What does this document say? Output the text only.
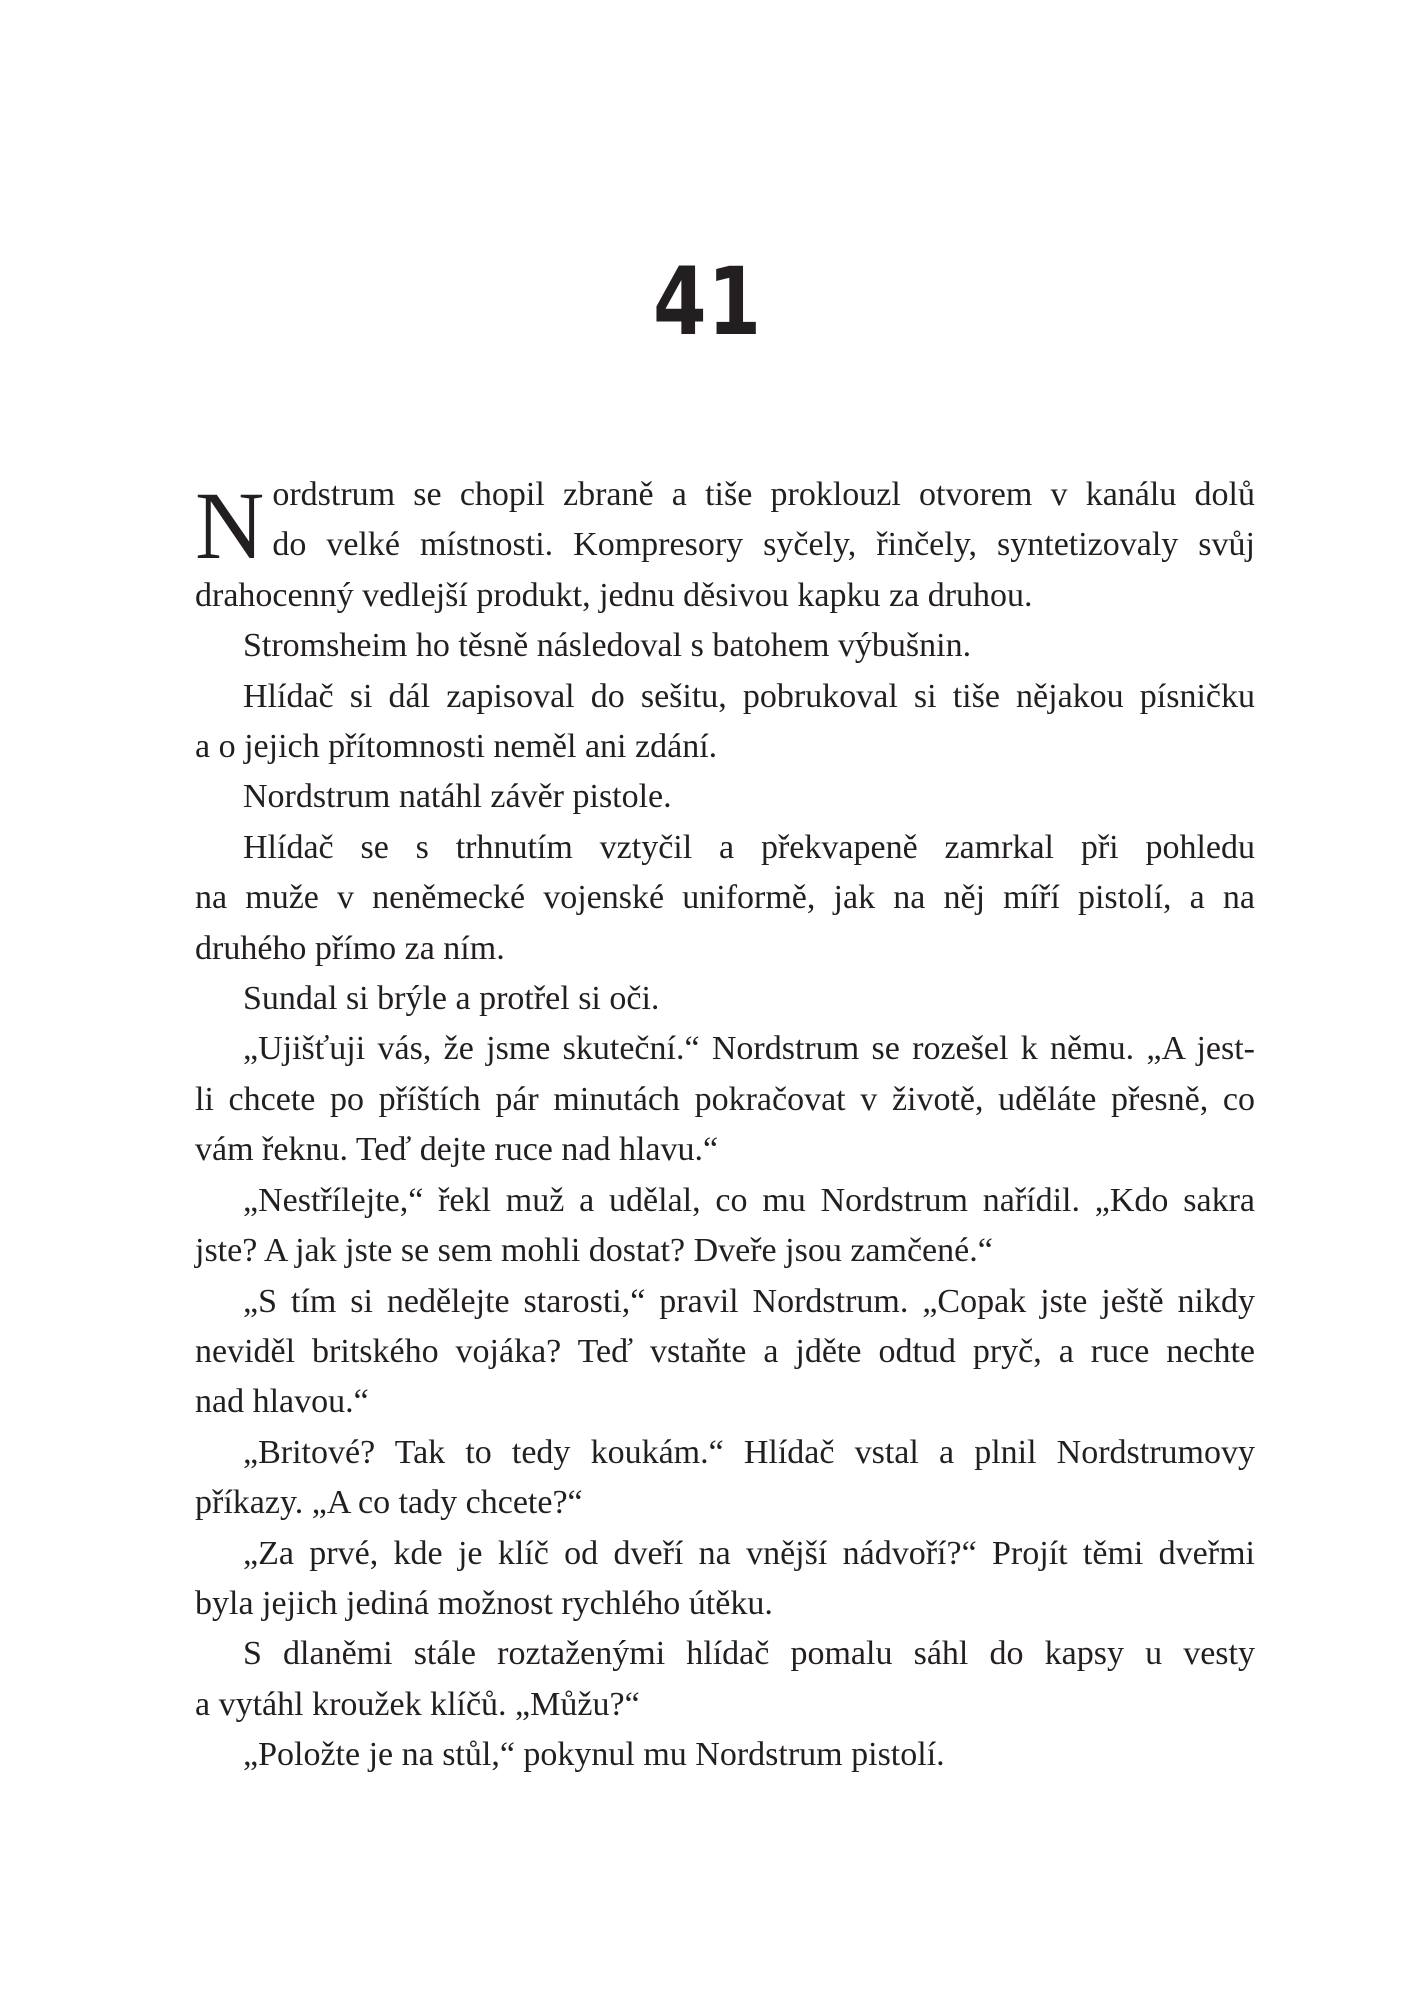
41

N ordstrum se chopil zbraně a tiše proklouzl otvorem v kanálu dolů
do velké místnosti. Kompresory syčely, řinčely, syntetizovaly svůj
drahocenný vedlejší produkt, jednu děsivou kapku za druhou.

Stromsheim ho těsně následoval s batohem výbušnin.

Hlídač si dál zapisoval do sešitu, pobrukoval si tiše nějakou písničku
a o jejich přítomnosti neměl ani zdání.

Nordstrum natáhl závěr pistole.

Hlídač se s trhnutím vztyčil a překvapeně zamrkal při pohledu
na muže v neněmecké vojenské uniformě, jak na něj míří pistolí, a na
druhého přímo za ním.

Sundal si brýle a protřel si oči.

„Ujišťuji vás, že jsme skuteční.“ Nordstrum se rozešel k němu. „A jest-
li chcete po příštích pár minutách pokračovat v životě, uděláte přesně, co
vám řeknu. Teď dejte ruce nad hlavu.“

„Nestřílejte,“ řekl muž a udělal, co mu Nordstrum nařídil. „Kdo sakra
jste? A jak jste se sem mohli dostat? Dveře jsou zamčené.“

„S tím si nedělejte starosti,“ pravil Nordstrum. „Copak jste ještě nikdy
neviděl britského vojáka? Teď vstaňte a jděte odtud pryč, a ruce nechte
nad hlavou.“

„Britové? Tak to tedy koukám.“ Hlídač vstal a plnil Nordstrumovy
příkazy. „A co tady chcete?“

„Za prvé, kde je klíč od dveří na vnější nádvoří?“ Projít těmi dveřmi
byla jejich jediná možnost rychlého útěku.

S dlaněmi stále roztaženými hlídač pomalu sáhl do kapsy u vesty
a vytáhl kroužek klíčů. „Můžu?“

„Položte je na stůl,“ pokynul mu Nordstrum pistolí.
